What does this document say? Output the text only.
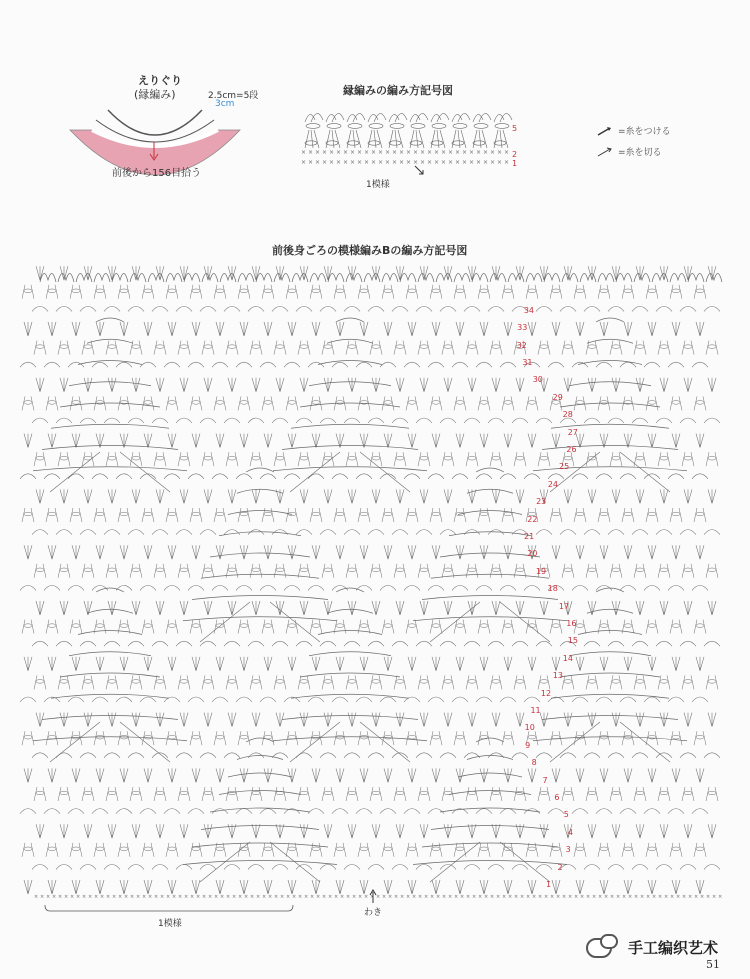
えりぐり
(縁編み)	2.5cm=5段
3cm
前後から156目拾う
縁編みの編み方記号図
×
×
×
×
×
×
×
×
×
×
×
×
×
×
×
×
×
×
×
×
×
×
×
×
×
×
×
×
×
×
×
×
×
×
×
×
×
×
×
×
×
×
×
×
×
×
×
×
×
×
×
×
×
×
×
×
×
×
×
×
5
2
1
1模様
=糸をつける
=糸を切る
前後身ごろの模様編みBの編み方記号図
× × × × × × × × × × × × × × × × × × × × × × × × × × × × × × × × × × × × × × × × × × × × × × × × × × × × × × × × × × × × × × × × × × × × × × × × × × × × × × × × × × × × × × × × × × × × × × × × × × × × × × × × × × × × × × × × × × ×
34
33
32
31
30
29
28
27
26
25
24
23
22
21
20
19
18
17
16
15
14
13
12
11
10
9
8
7
6
5
4
3
2
1
1模様
わき
手工编织艺术
51
